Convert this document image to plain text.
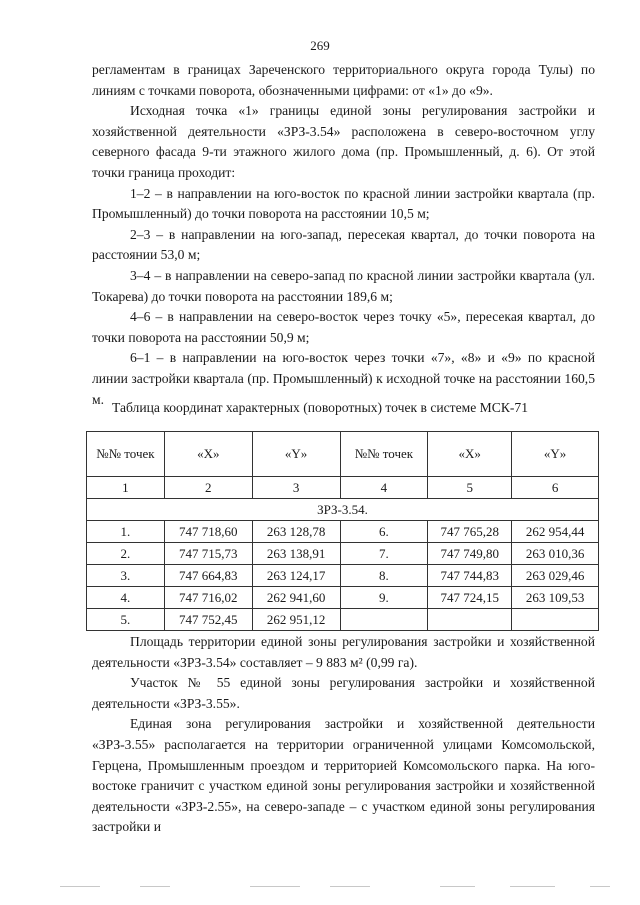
269

регламентам в границах Зареченского территориального округа города Тулы) по линиям с точками поворота, обозначенными цифрами: от «1» до «9».

Исходная точка «1» границы единой зоны регулирования застройки и хозяйственной деятельности «ЗРЗ-3.54» расположена в северо-восточном углу северного фасада 9-ти этажного жилого дома (пр. Промышленный, д. 6). От этой точки граница проходит:

1–2 – в направлении на юго-восток по красной линии застройки квартала (пр. Промышленный) до точки поворота на расстоянии 10,5 м;

2–3 – в направлении на юго-запад, пересекая квартал, до точки поворота на расстоянии 53,0 м;

3–4 – в направлении на северо-запад по красной линии застройки квартала (ул. Токарева) до точки поворота на расстоянии 189,6 м;

4–6 – в направлении на северо-восток через точку «5», пересекая квартал, до точки поворота на расстоянии 50,9 м;

6–1 – в направлении на юго-восток через точки «7», «8» и «9» по красной линии застройки квартала (пр. Промышленный) к исходной точке на расстоянии 160,5 м.

Таблица координат характерных (поворотных) точек в системе МСК-71
№№ точек	«X»	«Y»	№№ точек	«X»	«Y»
1	2	3	4	5	6
ЗРЗ-3.54.					
1.	747 718,60	263 128,78	6.	747 765,28	262 954,44
2.	747 715,73	263 138,91	7.	747 749,80	263 010,36
3.	747 664,83	263 124,17	8.	747 744,83	263 029,46
4.	747 716,02	262 941,60	9.	747 724,15	263 109,53
5.	747 752,45	262 951,12			

Площадь территории единой зоны регулирования застройки и хозяйственной деятельности «ЗРЗ-3.54» составляет – 9 883 м² (0,99 га).

Участок № 55 единой зоны регулирования застройки и хозяйственной деятельности «ЗРЗ-3.55».

Единая зона регулирования застройки и хозяйственной деятельности «ЗРЗ-3.55» располагается на территории ограниченной улицами Комсомольской, Герцена, Промышленным проездом и территорией Комсомольского парка. На юго-востоке граничит с участком единой зоны регулирования застройки и хозяйственной деятельности «ЗРЗ-2.55», на северо-западе – с участком единой зоны регулирования застройки и
